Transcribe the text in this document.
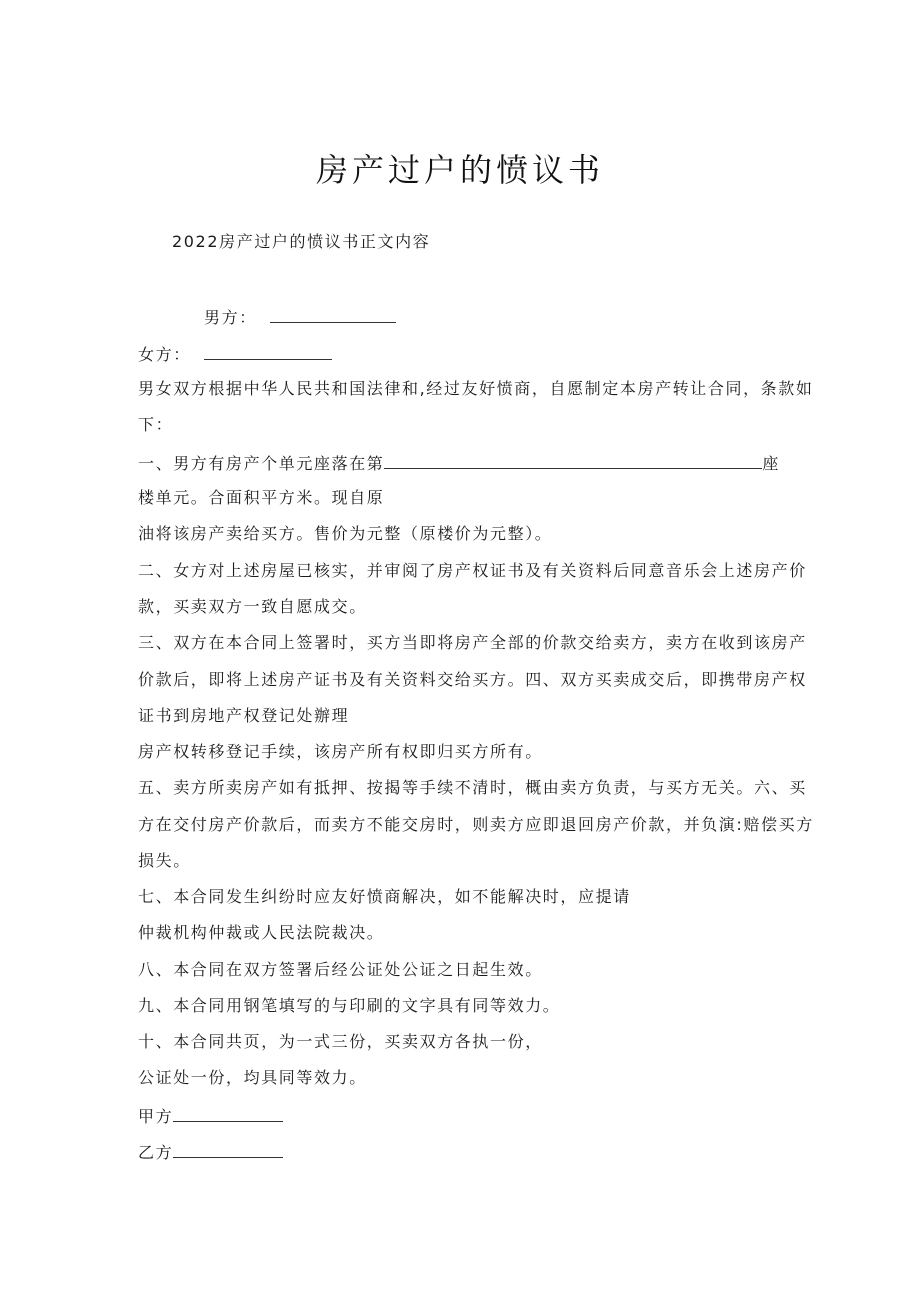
房产过户的愤议书
2022房产过户的愤议书正文内容
男方：
女方：
男女双方根据中华人民共和国法律和,经过友好愤商，自愿制定本房产转让合同，条款如
下：
一、男方有房产个单元座落在第	座
楼单元。合面积平方米。现自原
油将该房产卖给买方。售价为元整（原楼价为元整）。
二、女方对上述房屋已核实，并审阅了房产权证书及有关资料后同意音乐会上述房产价
款，买卖双方一致自愿成交。
三、双方在本合同上签署时，买方当即将房产全部的价款交给卖方，卖方在收到该房产
价款后，即将上述房产证书及有关资料交给买方。四、双方买卖成交后，即携带房产权
证书到房地产权登记处辦理
房产权转移登记手续，该房产所有权即归买方所有。
五、卖方所卖房产如有抵押、按揭等手续不清时，概由卖方负责，与买方无关。六、买
方在交付房产价款后，而卖方不能交房时，则卖方应即退回房产价款，并负演:赔偿买方
损失。
七、本合同发生纠纷时应友好愤商解决，如不能解决时，应提请
仲裁机构仲裁或人民法院裁决。
八、本合同在双方签署后经公证处公证之日起生效。
九、本合同用钢笔填写的与印刷的文字具有同等效力。
十、本合同共页，为一式三份，买卖双方各执一份，
公证处一份，均具同等效力。
甲方
乙方
